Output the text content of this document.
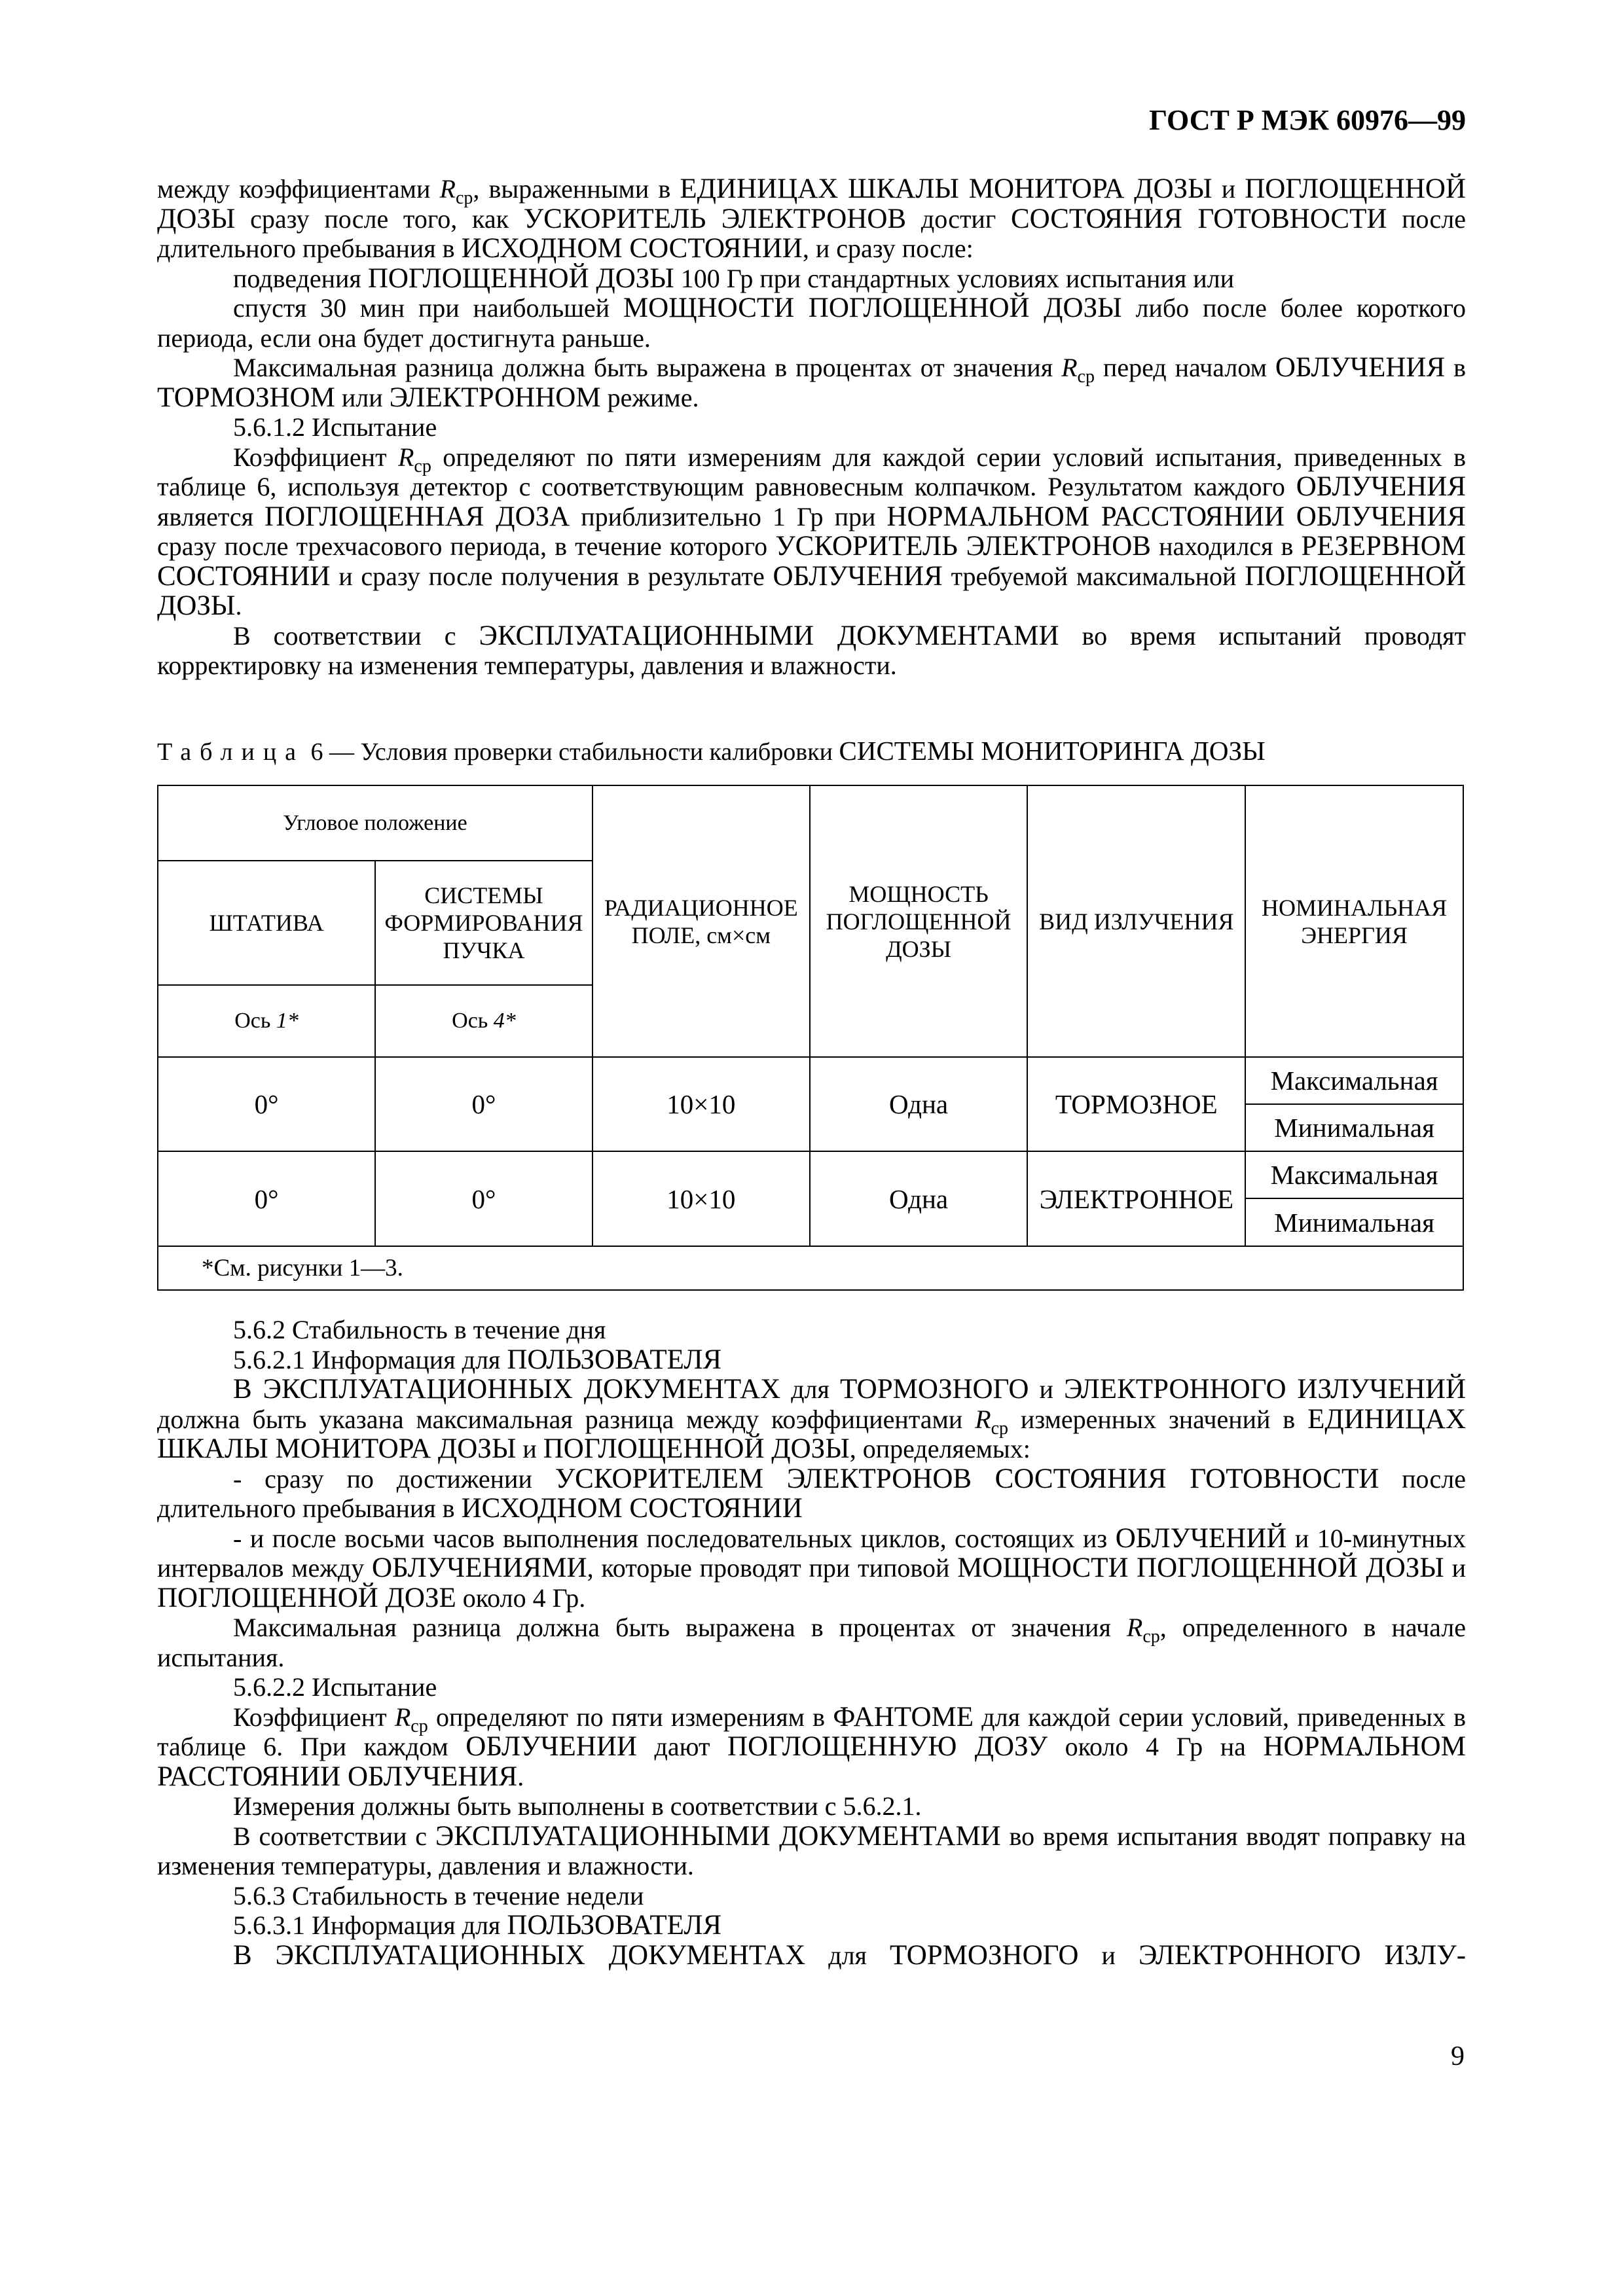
ГОСТ Р МЭК 60976—99

между коэффициентами $R_{ср}$, выраженными в ЕДИНИЦАХ ШКАЛЫ МОНИТОРА ДОЗЫ и ПОГЛОЩЕННОЙ ДОЗЫ сразу после того, как УСКОРИТЕЛЬ ЭЛЕКТРОНОВ достиг СОСТОЯНИЯ ГОТОВНОСТИ после длительного пребывания в ИСХОДНОМ СОСТОЯНИИ, и сразу после:

подведения ПОГЛОЩЕННОЙ ДОЗЫ 100 Гр при стандартных условиях испытания или

спустя 30 мин при наибольшей МОЩНОСТИ ПОГЛОЩЕННОЙ ДОЗЫ либо после более короткого периода, если она будет достигнута раньше.

Максимальная разница должна быть выражена в процентах от значения $R_{ср}$ перед началом ОБЛУЧЕНИЯ в ТОРМОЗНОМ или ЭЛЕКТРОННОМ режиме.

5.6.1.2 Испытание

Коэффициент $R_{ср}$ определяют по пяти измерениям для каждой серии условий испытания, приведенных в таблице 6, используя детектор с соответствующим равновесным колпачком. Результатом каждого ОБЛУЧЕНИЯ является ПОГЛОЩЕННАЯ ДОЗА приблизительно 1 Гр при НОРМАЛЬНОМ РАССТОЯНИИ ОБЛУЧЕНИЯ сразу после трехчасового периода, в течение которого УСКОРИТЕЛЬ ЭЛЕКТРОНОВ находился в РЕЗЕРВНОМ СОСТОЯНИИ и сразу после получения в результате ОБЛУЧЕНИЯ требуемой максимальной ПОГЛОЩЕННОЙ ДОЗЫ.

В соответствии с ЭКСПЛУАТАЦИОННЫМИ ДОКУМЕНТАМИ во время испытаний проводят корректировку на изменения температуры, давления и влажности.

Таблица 6 — Условия проверки стабильности калибровки СИСТЕМЫ МОНИТОРИНГА ДОЗЫ
Угловое положение		РАДИАЦИОННОЕ ПОЛЕ, см×см	МОЩНОСТЬ ПОГЛОЩЕННОЙ ДОЗЫ	ВИД ИЗЛУЧЕНИЯ	НОМИНАЛЬНАЯ ЭНЕРГИЯ
ШТАТИВА	СИСТЕМЫ ФОРМИРОВАНИЯ ПУЧКА				
Ось 1*	Ось 4*				
0°	0°	10×10	Одна	ТОРМОЗНОЕ	Максимальная
					Минимальная
0°	0°	10×10	Одна	ЭЛЕКТРОННОЕ	Максимальная
					Минимальная
*См. рисунки 1—3.					

5.6.2 Стабильность в течение дня

5.6.2.1 Информация для ПОЛЬЗОВАТЕЛЯ

В ЭКСПЛУАТАЦИОННЫХ ДОКУМЕНТАХ для ТОРМОЗНОГО и ЭЛЕКТРОННОГО ИЗЛУЧЕНИЙ должна быть указана максимальная разница между коэффициентами $R_{ср}$ измеренных значений в ЕДИНИЦАХ ШКАЛЫ МОНИТОРА ДОЗЫ и ПОГЛОЩЕННОЙ ДОЗЫ, определяемых:

- сразу по достижении УСКОРИТЕЛЕМ ЭЛЕКТРОНОВ СОСТОЯНИЯ ГОТОВНОСТИ после длительного пребывания в ИСХОДНОМ СОСТОЯНИИ

- и после восьми часов выполнения последовательных циклов, состоящих из ОБЛУЧЕНИЙ и 10-минутных интервалов между ОБЛУЧЕНИЯМИ, которые проводят при типовой МОЩНОСТИ ПОГЛОЩЕННОЙ ДОЗЫ и ПОГЛОЩЕННОЙ ДОЗЕ около 4 Гр.

Максимальная разница должна быть выражена в процентах от значения $R_{ср}$, определенного в начале испытания.

5.6.2.2 Испытание

Коэффициент $R_{ср}$ определяют по пяти измерениям в ФАНТОМЕ для каждой серии условий, приведенных в таблице 6. При каждом ОБЛУЧЕНИИ дают ПОГЛОЩЕННУЮ ДОЗУ около 4 Гр на НОРМАЛЬНОМ РАССТОЯНИИ ОБЛУЧЕНИЯ.

Измерения должны быть выполнены в соответствии с 5.6.2.1.

В соответствии с ЭКСПЛУАТАЦИОННЫМИ ДОКУМЕНТАМИ во время испытания вводят поправку на изменения температуры, давления и влажности.

5.6.3 Стабильность в течение недели

5.6.3.1 Информация для ПОЛЬЗОВАТЕЛЯ

В ЭКСПЛУАТАЦИОННЫХ ДОКУМЕНТАХ для ТОРМОЗНОГО и ЭЛЕКТРОННОГО ИЗЛУ-

9
